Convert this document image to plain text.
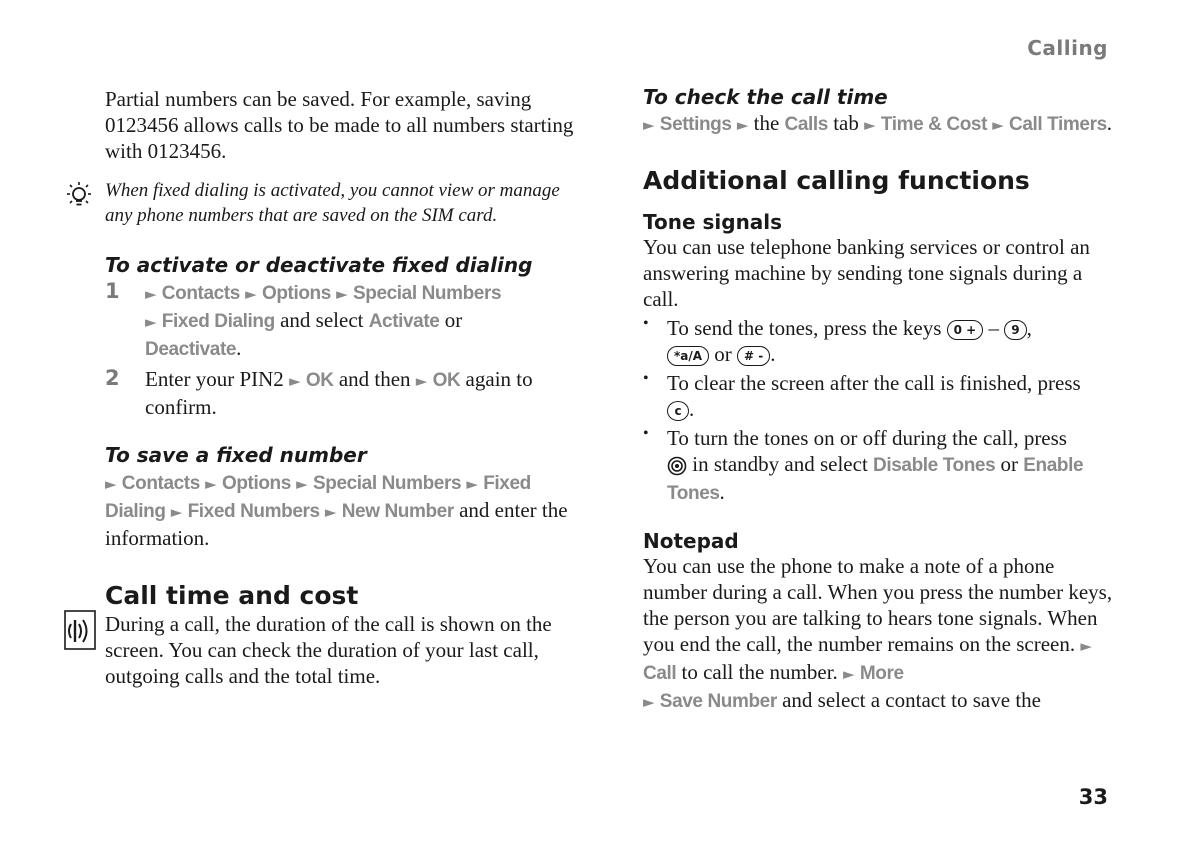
Calling

Partial numbers can be saved. For example, saving 0123456 allows calls to be made to all numbers starting with 0123456.

When fixed dialing is activated, you cannot view or manage any phone numbers that are saved on the SIM card.

To activate or deactivate fixed dialing
1 ► Contacts ► Options ► Special Numbers
► Fixed Dialing and select Activate or
Deactivate.

2 Enter your PIN2 ► OK and then ► OK again to confirm.

To save a fixed number

► Contacts ► Options ► Special Numbers ► Fixed Dialing ► Fixed Numbers ► New Number and enter the information.

Call time and cost

During a call, the duration of the call is shown on the screen. You can check the duration of your last call, outgoing calls and the total time.

To check the call time

► Settings ► the Calls tab ► Time & Cost ► Call Timers.

Additional calling functions
Tone signals

You can use telephone banking services or control an answering machine by sending tone signals during a call.

• To send the tones, press the keys 0 + – 9 ,
*a/A or # - .

• To clear the screen after the call is finished, press
c .

• To turn the tones on or off during the call, press
in standby and select Disable Tones or Enable Tones.

Notepad

You can use the phone to make a note of a phone number during a call. When you press the number keys, the person you are talking to hears tone signals. When you end the call, the number remains on the screen. ► Call to call the number. ► More
► Save Number and select a contact to save the

33
